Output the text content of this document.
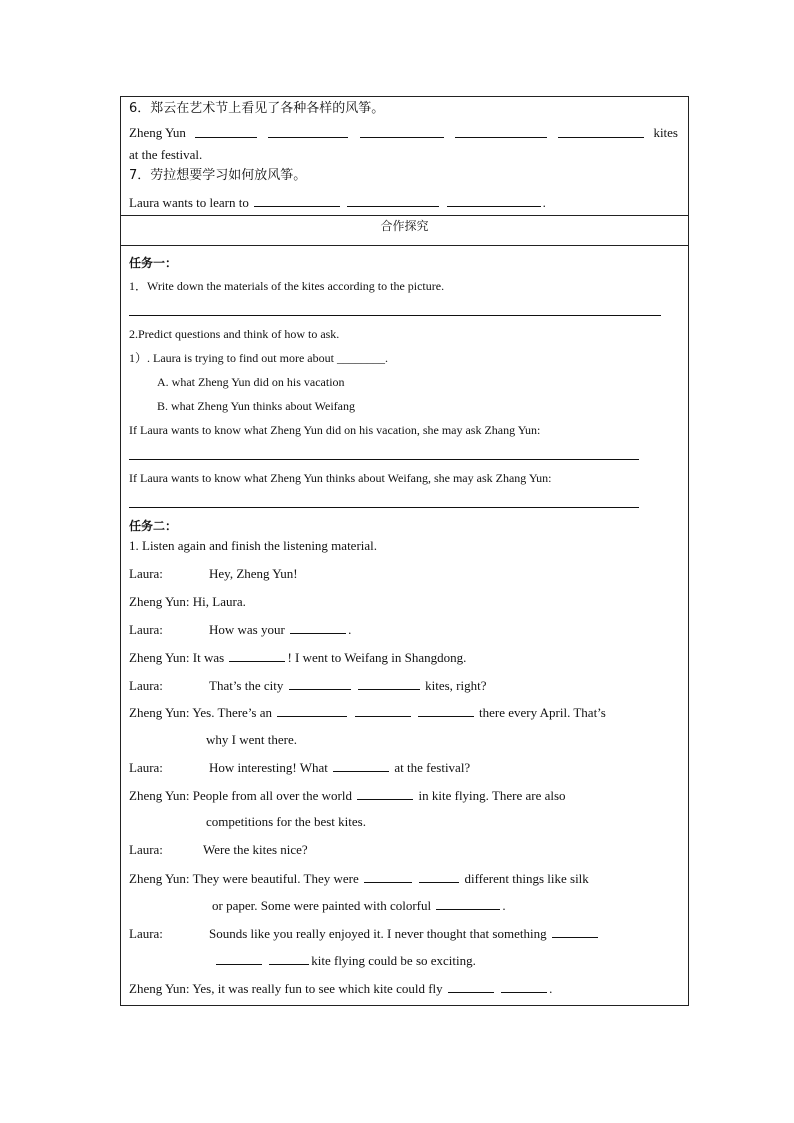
6．郑云在艺术节上看见了各种各样的风筝。
Zheng Yun	kites
at the festival.
7．劳拉想要学习如何放风筝。
Laura wants to learn to	.
合作探究
任务一：
1．Write down the materials of the kites according to the picture.
2.Predict questions and think of how to ask.
1）. Laura is trying to find out more about ________.
A. what Zheng Yun did on his vacation
B. what Zheng Yun thinks about Weifang
If Laura wants to know what Zheng Yun did on his vacation, she may ask Zhang Yun:
If Laura wants to know what Zheng Yun thinks about Weifang, she may ask Zhang Yun:
任务二：
1. Listen again and finish the listening material.
Laura:	Hey, Zheng Yun!
Zheng Yun: Hi, Laura.
Laura:	How was your	.
Zheng Yun: It was	! I went to Weifang in Shangdong.
Laura:	That’s the city	kites, right?
Zheng Yun: Yes. There’s an	there every April. That’s
why I went there.
Laura:	How interesting! What	at the festival?
Zheng Yun: People from all over the world	in kite flying. There are also
competitions for the best kites.
Laura:	Were the kites nice?
Zheng Yun: They were beautiful. They were	different things like silk
or paper. Some were painted with colorful	.
Laura:	Sounds like you really enjoyed it. I never thought that something
kite flying could be so exciting.
Zheng Yun: Yes, it was really fun to see which kite could fly	.
